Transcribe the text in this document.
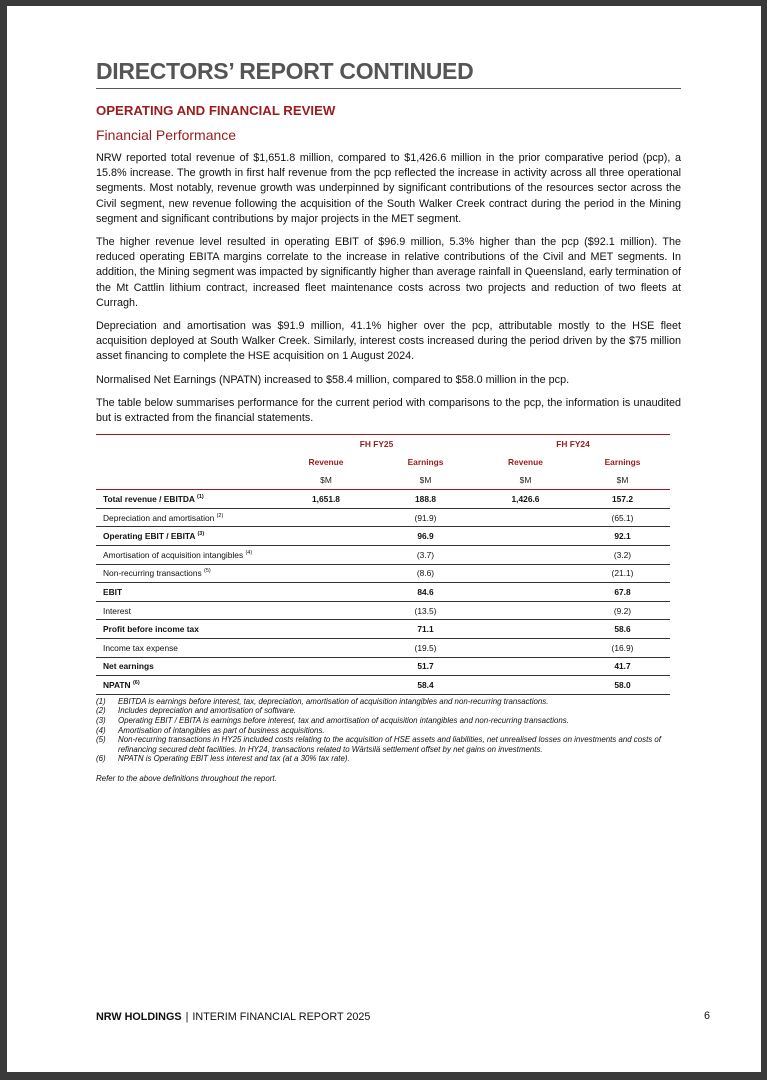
DIRECTORS’ REPORT CONTINUED
OPERATING AND FINANCIAL REVIEW
Financial Performance

NRW reported total revenue of $1,651.8 million, compared to $1,426.6 million in the prior comparative period (pcp), a 15.8% increase. The growth in first half revenue from the pcp reflected the increase in activity across all three operational segments. Most notably, revenue growth was underpinned by significant contributions of the resources sector across the Civil segment, new revenue following the acquisition of the South Walker Creek contract during the period in the Mining segment and significant contributions by major projects in the MET segment.

The higher revenue level resulted in operating EBIT of $96.9 million, 5.3% higher than the pcp ($92.1 million). The reduced operating EBITA margins correlate to the increase in relative contributions of the Civil and MET segments. In addition, the Mining segment was impacted by significantly higher than average rainfall in Queensland, early termination of the Mt Cattlin lithium contract, increased fleet maintenance costs across two projects and reduction of two fleets at Curragh.

Depreciation and amortisation was $91.9 million, 41.1% higher over the pcp, attributable mostly to the HSE fleet acquisition deployed at South Walker Creek. Similarly, interest costs increased during the period driven by the $75 million asset financing to complete the HSE acquisition on 1 August 2024.

Normalised Net Earnings (NPATN) increased to $58.4 million, compared to $58.0 million in the pcp.

The table below summarises performance for the current period with comparisons to the pcp, the information is unaudited but is extracted from the financial statements.

	FH FY25		FH FY24	
	Revenue	Earnings	Revenue	Earnings
	$M	$M	$M	$M
Total revenue / EBITDA $^{(1)}$	1,651.8	188.8	1,426.6	157.2
Depreciation and amortisation $^{(2)}$		(91.9)		(65.1)
Operating EBIT / EBITA $^{(3)}$		96.9		92.1
Amortisation of acquisition intangibles $^{(4)}$		(3.7)		(3.2)
Non-recurring transactions $^{(5)}$		(8.6)		(21.1)
EBIT		84.6		67.8
Interest		(13.5)		(9.2)
Profit before income tax		71.1		58.6
Income tax expense		(19.5)		(16.9)
Net earnings		51.7		41.7
NPATN $^{(6)}$		58.4		58.0
(1)	EBITDA is earnings before interest, tax, depreciation, amortisation of acquisition intangibles and non-recurring transactions.
(2)	Includes depreciation and amortisation of software.
(3)	Operating EBIT / EBITA is earnings before interest, tax and amortisation of acquisition intangibles and non-recurring transactions.
(4)	Amortisation of intangibles as part of business acquisitions.
(5)	Non-recurring transactions in HY25 included costs relating to the acquisition of HSE assets and liabilities, net unrealised losses on investments and costs of refinancing secured debt facilities. In HY24, transactions related to Wärtsilä settlement offset by net gains on investments.
(6)	NPATN is Operating EBIT less interest and tax (at a 30% tax rate).
Refer to the above definitions throughout the report.
NRW HOLDINGS | INTERIM FINANCIAL REPORT 2025	6
